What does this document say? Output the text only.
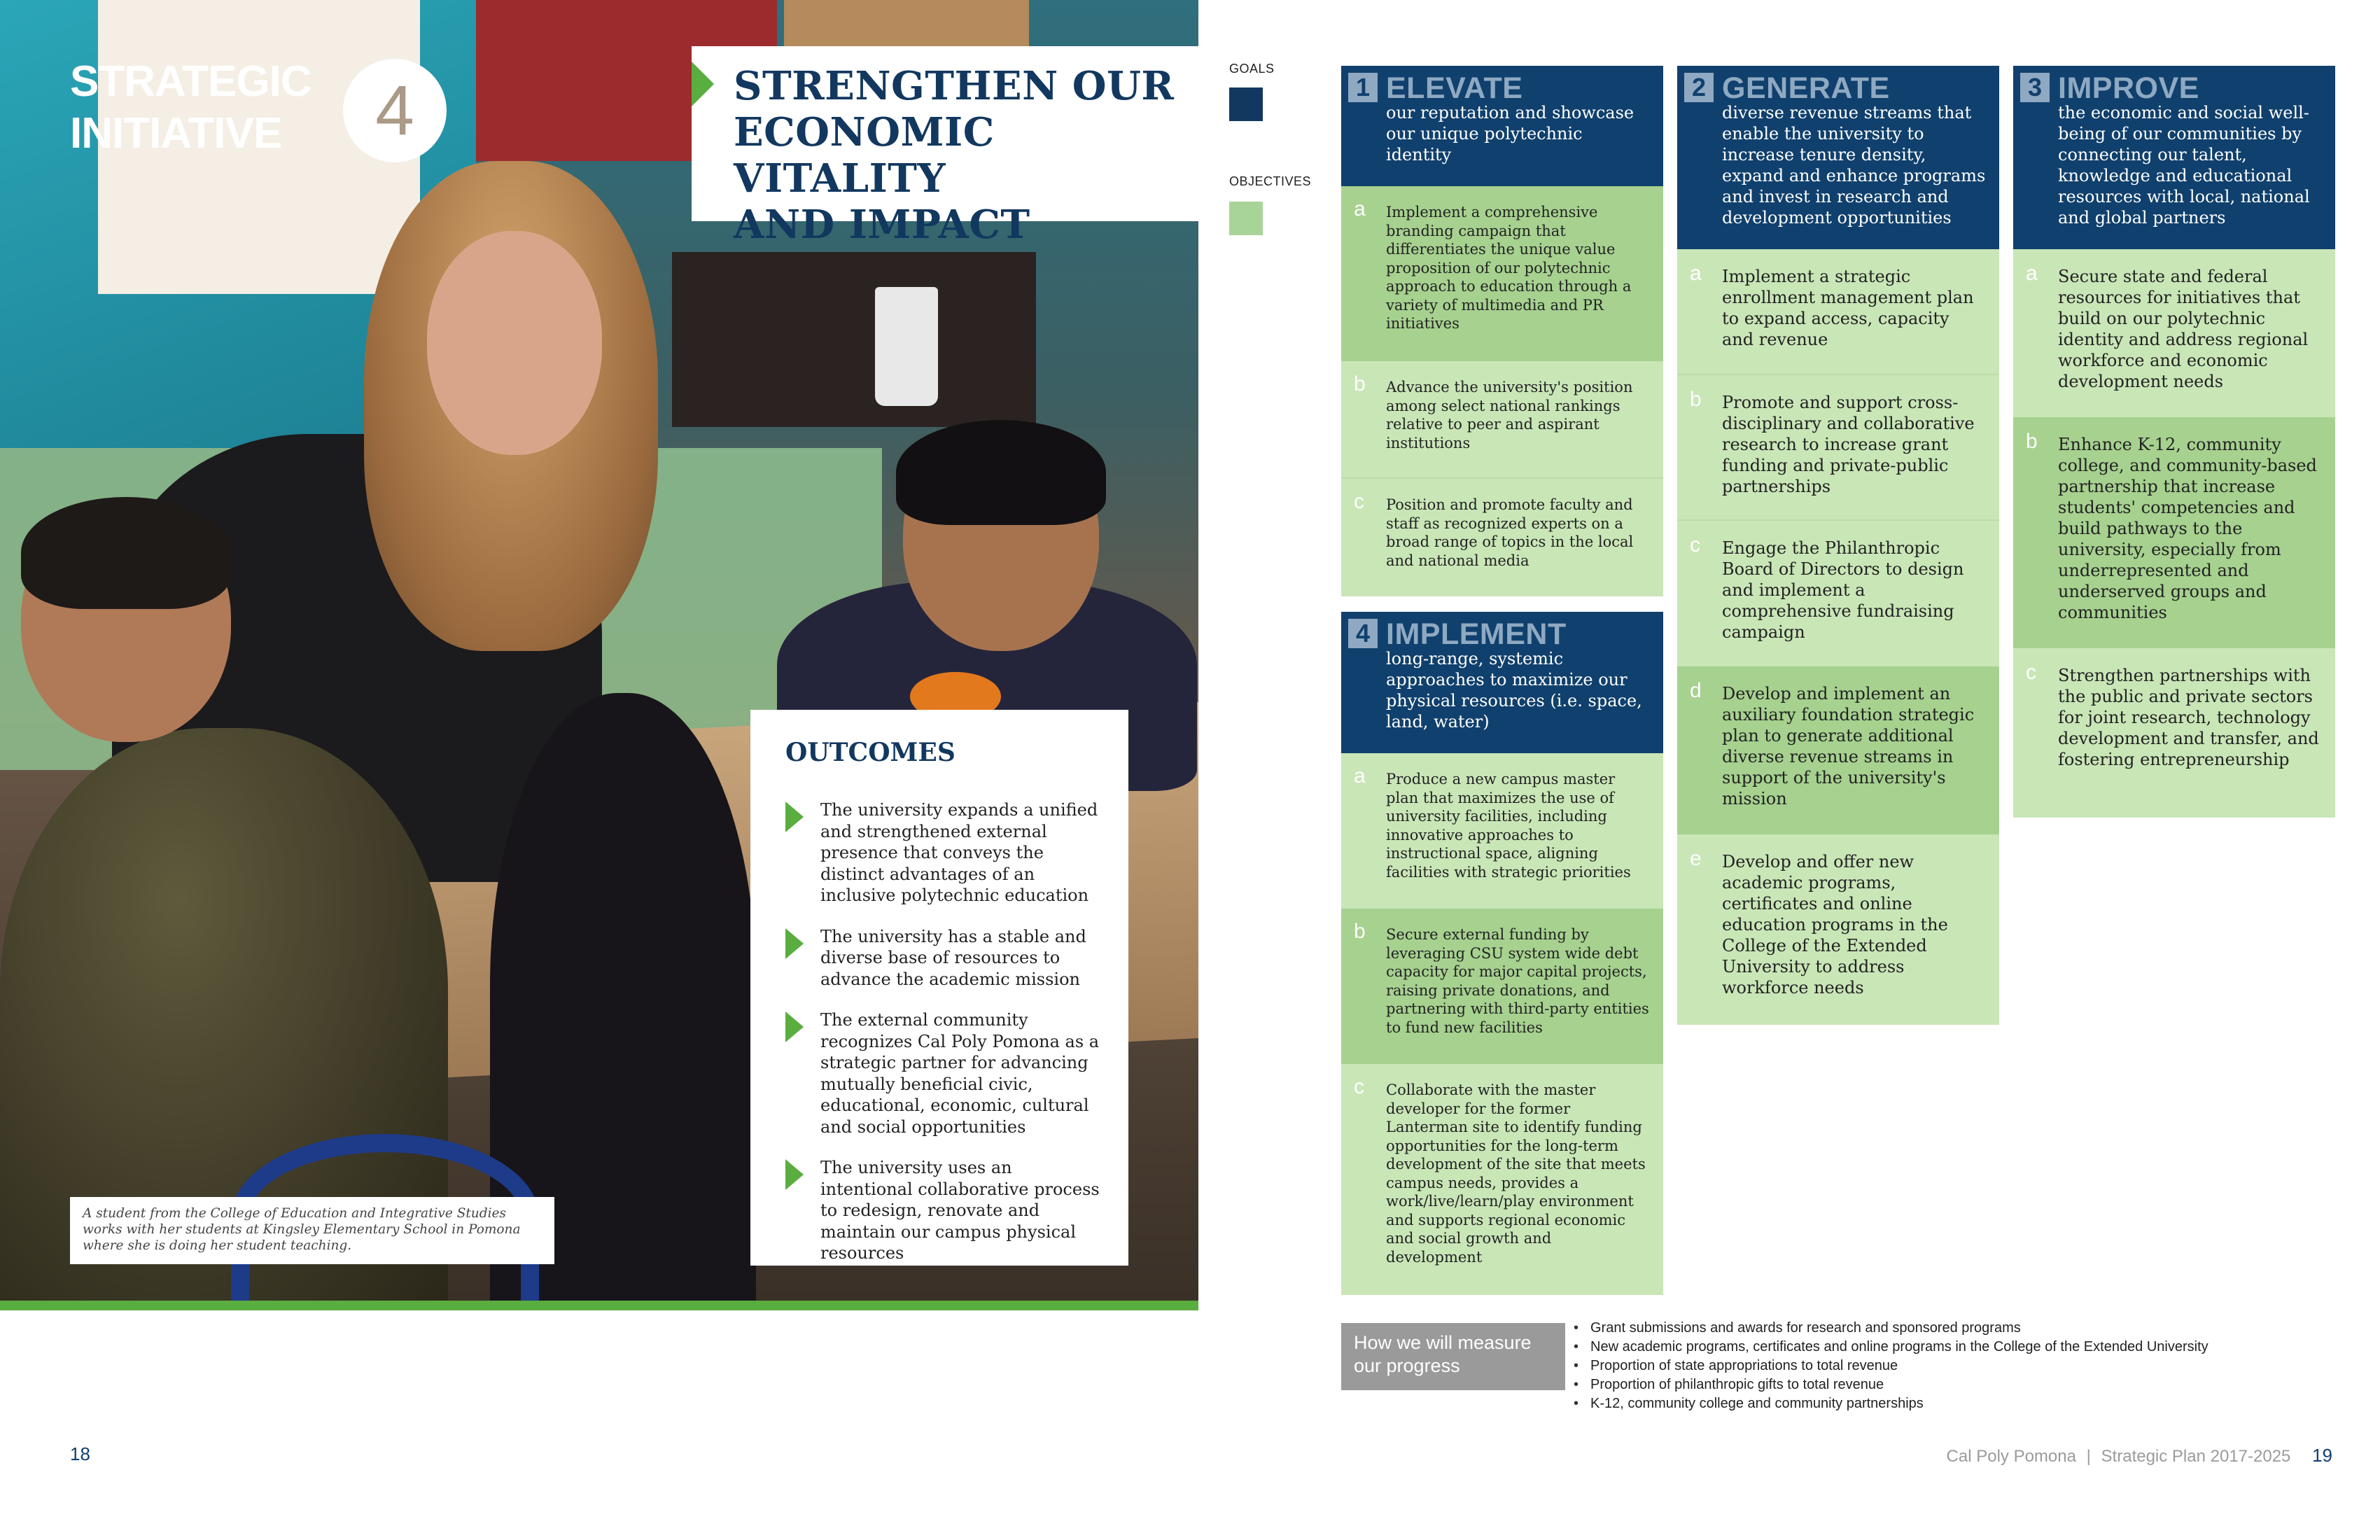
STRATEGIC
INITIATIVE	4	STRENGTHEN OUR
ECONOMIC VITALITY
AND IMPACT
OUTCOMES
The university expands a unified and strengthened external presence that conveys the distinct advantages of an inclusive polytechnic education
The university has a stable and diverse base of resources to advance the academic mission
The external community recognizes Cal Poly Pomona as a strategic partner for advancing mutually beneficial civic, educational, economic, cultural and social opportunities
The university uses an intentional collaborative process to redesign, renovate and maintain our campus physical resources
A student from the College of Education and Integrative Studies works with her students at Kingsley Elementary School in Pomona where she is doing her student teaching.
18
GOALS
OBJECTIVES
1 ELEVATE
our reputation and showcase our unique polytechnic identity
a Implement a comprehensive branding campaign that differentiates the unique value proposition of our polytechnic approach to education through a variety of multimedia and PR initiatives
b Advance the university's position among select national rankings relative to peer and aspirant institutions
c Position and promote faculty and staff as recognized experts on a broad range of topics in the local and national media
4 IMPLEMENT
long-range, systemic approaches to maximize our physical resources (i.e. space, land, water)
a Produce a new campus master plan that maximizes the use of university facilities, including innovative approaches to instructional space, aligning facilities with strategic priorities
b Secure external funding by leveraging CSU system wide debt capacity for major capital projects, raising private donations, and partnering with third-party entities to fund new facilities
c Collaborate with the master developer for the former Lanterman site to identify funding opportunities for the long-term development of the site that meets campus needs, provides a work/live/learn/play environment and supports regional economic and social growth and development
2 GENERATE
diverse revenue streams that enable the university to increase tenure density, expand and enhance programs and invest in research and development opportunities
a Implement a strategic enrollment management plan to expand access, capacity and revenue
b Promote and support cross-disciplinary and collaborative research to increase grant funding and private-public partnerships
c Engage the Philanthropic Board of Directors to design and implement a comprehensive fundraising campaign
d Develop and implement an auxiliary foundation strategic plan to generate additional diverse revenue streams in support of the university's mission
e Develop and offer new academic programs, certificates and online education programs in the College of the Extended University to address workforce needs
3 IMPROVE
the economic and social well-being of our communities by connecting our talent, knowledge and educational resources with local, national and global partners
a Secure state and federal resources for initiatives that build on our polytechnic identity and address regional workforce and economic development needs
b Enhance K-12, community college, and community-based partnership that increase students' competencies and build pathways to the university, especially from underrepresented and underserved groups and communities
c Strengthen partnerships with the public and private sectors for joint research, technology development and transfer, and fostering entrepreneurship
How we will measure our progress
• Grant submissions and awards for research and sponsored programs
• New academic programs, certificates and online programs in the College of the Extended University
• Proportion of state appropriations to total revenue
• Proportion of philanthropic gifts to total revenue
• K-12, community college and community partnerships
Cal Poly Pomona | Strategic Plan 2017-2025 19
